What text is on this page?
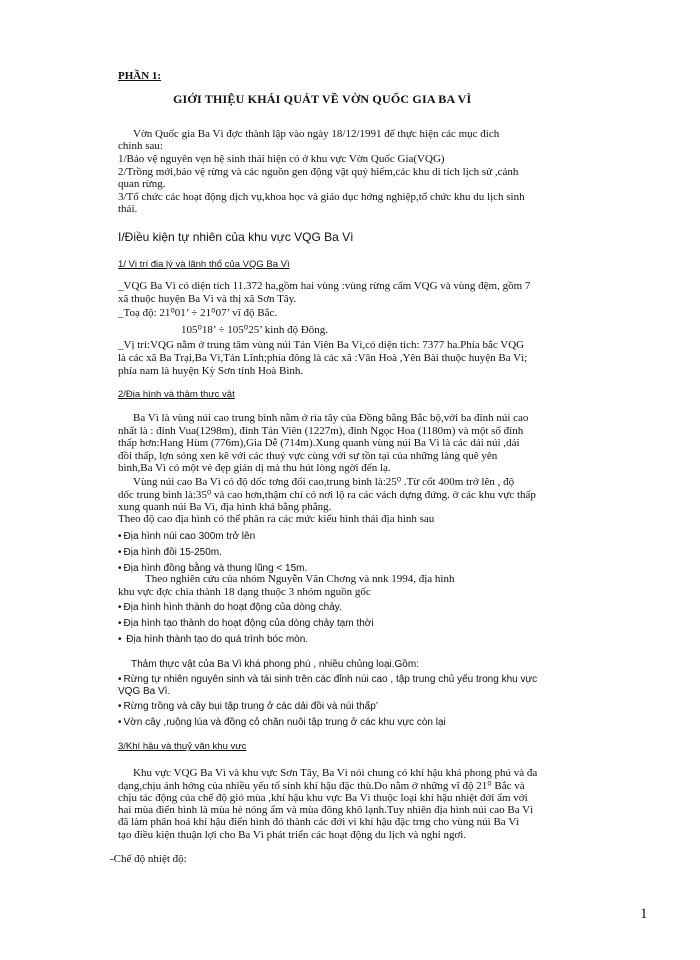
PHẦN 1:

GIỚI THIỆU KHÁI QUÁT VỀ VỜN QUỐC GIA BA VÌ

Vờn Quốc gia Ba Vì đợc thành lập vào ngày 18/12/1991 để thực hiện các mục đích

chính sau:

1/Bảo vệ nguyên vẹn hệ sinh thái hiện có ở khu vực Vờn Quốc Gia(VQG)

2/Trồng mới,bảo vệ rừng và các nguồn gen động vật quý hiếm,các khu di tích lịch sử ,cảnh

quan rừng.

3/Tổ chức các hoạt động dịch vụ,khoa học và giáo dục hớng nghiệp,tổ chức khu du lịch sinh

thái.

I/Điều kiện tự nhiên của khu vực VQG Ba Vì

1/ Vị trí địa lý và lãnh thổ của VQG Ba Vì

_VQG Ba Vì có diện tích 11.372 ha,gồm hai vùng :vùng rừng cấm VQG và vùng đệm, gồm 7

xã thuộc huyện Ba Vì và thị xã Sơn Tây.

_Toạ độ: 21⁰01’ ÷ 21⁰07’ vĩ độ Bắc.

105⁰18’ ÷ 105⁰25’ kinh độ Đông.

_Vị trí:VQG nằm ở trung tâm vùng núi Tản Viên Ba Vì,có diện tích: 7377 ha.Phía bắc VQG

là các xã Ba Trại,Ba Vì,Tản Lĩnh;phía đông là các xã :Vân Hoà ,Yên Bài thuộc huyện Ba Vì;

phía nam là huyện Kỳ Sơn tỉnh Hoà Bình.

2/Địa hình và thảm thực vật

Ba Vì là vùng núi cao trung bình nằm ở rìa tây của Đồng bằng Bắc bộ,với ba đỉnh núi cao

nhất là : đỉnh Vua(1298m), đỉnh Tản Viên (1227m), đỉnh Ngọc Hoa (1180m) và một số đỉnh

thấp hơn:Hang Hùm (776m),Gia Dễ (714m).Xung quanh vùng núi Ba Vì là các dải núi ,dải

đồi thấp, lợn sóng xen kẽ với các thuỷ vực cùng với sự tồn tại của những làng quê yên

bình,Ba Vì có một vẻ đẹp giản dị mà thu hút lòng ngời đến lạ.

Vùng núi cao Ba Vì có độ dốc tơng đối cao,trung bình là:25⁰ .Từ cốt 400m trở lên , độ

dốc trung bình là:35⁰ và cao hơn,thậm chí có nơi lộ ra các vách dựng đứng. ở các khu vực thấp

xung quanh núi Ba Vì, địa hình khá bằng phẳng.

Theo độ cao địa hình có thể phân ra các mức kiểu hình thái địa hình sau

• Địa hình núi cao 300m trở lên

• Địa hình đồi 15-250m.

• Địa hình đồng bằng và thung lũng < 15m.

Theo nghiên cứu của nhóm Nguyễn Văn Chơng và nnk 1994, địa hình

khu vực đợc chia thành 18 dạng thuộc 3 nhóm nguồn gốc

• Địa hình hình thành do hoạt động của dòng chảy.

• Địa hình tạo thành do hoạt động của dòng chảy tạm thời

• Địa hình thành tạo do quá trình bóc mòn.

Thảm thực vật của Ba Vì khá phong phú , nhiều chủng loại.Gồm:

• Rừng tự nhiên nguyên sinh và tái sinh trên các đỉnh núi cao , tập trung chủ yếu trong khu vực

VQG Ba Vì.

• Rừng trồng và cây bụi tập trung ở các dải đồi và núi thấp’

• Vờn cây ,ruộng lúa và đồng cỏ chăn nuôi tập trung ở các khu vực còn lại

3/Khí hậu và thuỷ văn khu vực

Khu vực VQG Ba Vì và khu vực Sơn Tây, Ba Vì nói chung có khí hậu khá phong phú và đa

dạng,chịu ảnh hởng của nhiều yếu tố sinh khí hậu đặc thù.Do nằm ở những vĩ độ 21⁰ Bắc và

chịu tác động của chế độ gió mùa ,khí hậu khu vực Ba Vì thuộc loại khí hậu nhiệt đới ẩm với

hai mùa điển hình là mùa hè nóng ẩm và mùa đông khô lạnh.Tuy nhiên địa hình núi cao Ba Vì

đã làm phân hoá khí hậu điển hình đó thành các đới vi khí hậu đặc trng cho vùng núi Ba Vì

tạo điều kiện thuận lợi cho Ba Vì phát triển các hoạt động du lịch và nghỉ ngơi.

-Chế độ nhiệt độ:

1
